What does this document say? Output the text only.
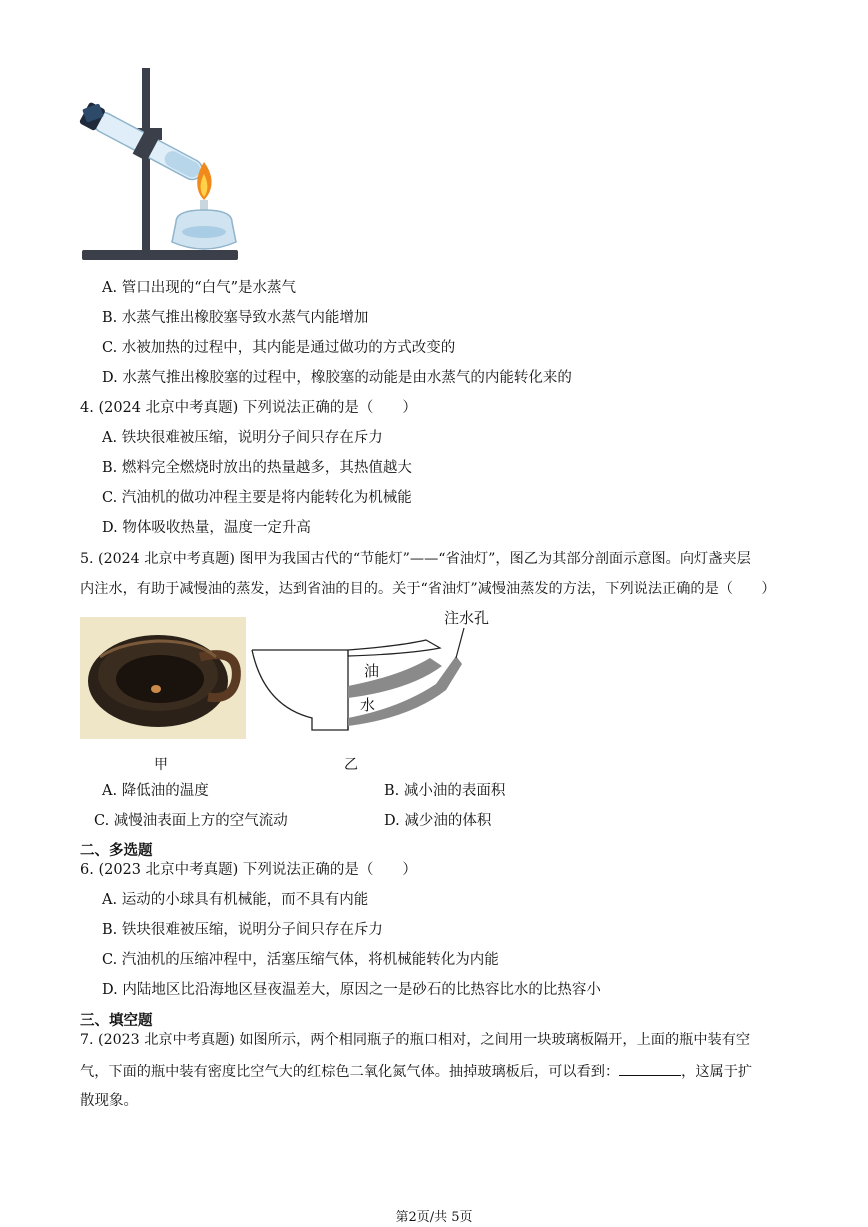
A. 管口出现的“白气”是水蒸气
B. 水蒸气推出橡胶塞导致水蒸气内能增加
C. 水被加热的过程中，其内能是通过做功的方式改变的
D. 水蒸气推出橡胶塞的过程中，橡胶塞的动能是由水蒸气的内能转化来的
4. (2024 北京中考真题) 下列说法正确的是（　　）
A. 铁块很难被压缩，说明分子间只存在斥力
B. 燃料完全燃烧时放出的热量越多，其热值越大
C. 汽油机的做功冲程主要是将内能转化为机械能
D. 物体吸收热量，温度一定升高
5. (2024 北京中考真题) 图甲为我国古代的“节能灯”——“省油灯”，图乙为其部分剖面示意图。向灯盏夹层
内注水，有助于减慢油的蒸发，达到省油的目的。关于“省油灯”减慢油蒸发的方法，下列说法正确的是（　　）
注水孔
油
水
甲	乙
A. 降低油的温度	B. 减小油的表面积
C. 减慢油表面上方的空气流动	D. 减少油的体积
二、多选题
6. (2023 北京中考真题) 下列说法正确的是（　　）
A. 运动的小球具有机械能，而不具有内能
B. 铁块很难被压缩，说明分子间只存在斥力
C. 汽油机的压缩冲程中，活塞压缩气体，将机械能转化为内能
D. 内陆地区比沿海地区昼夜温差大，原因之一是砂石的比热容比水的比热容小
三、填空题
7. (2023 北京中考真题) 如图所示，两个相同瓶子的瓶口相对，之间用一块玻璃板隔开，上面的瓶中装有空
气，下面的瓶中装有密度比空气大的红棕色二氧化氮气体。抽掉玻璃板后，可以看到：	，这属于扩
散现象。
第2页/共 5页
